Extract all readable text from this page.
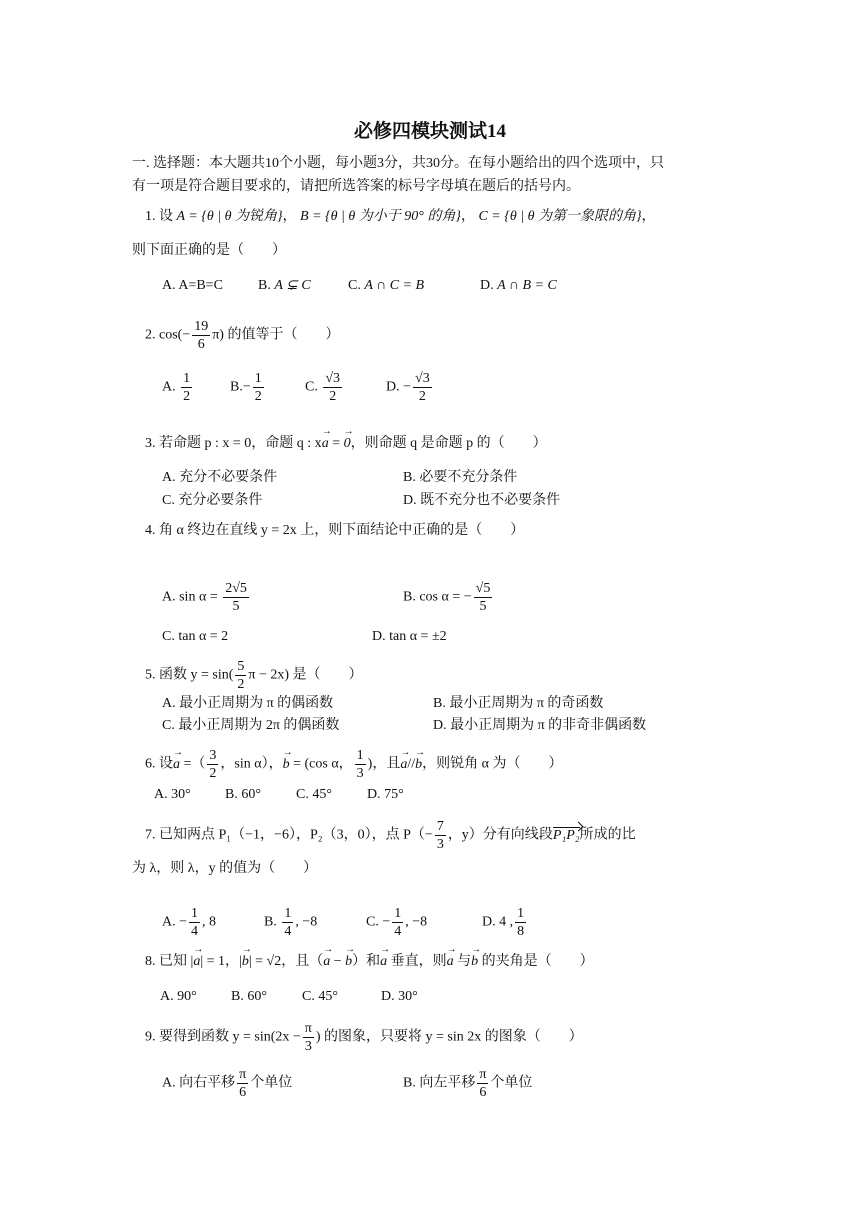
必修四模块测试14
一. 选择题：本大题共10个小题，每小题3分，共30分。在每小题给出的四个选项中，只
有一项是符合题目要求的，请把所选答案的标号字母填在题后的括号内。
1. 设 A = {θ | θ 为锐角}， B = {θ | θ 为小于 90° 的角}， C = {θ | θ 为第一象限的角}，
则下面正确的是（　　）
A. A=B=C	B. A ⊊ C	C. A ∩ C = B	D. A ∩ B = C
2. $\cos(- \frac{19}{6} \pi)$ 的值等于（　　）
A. $\frac{1}{2}$	$B.- \frac{1}{2}$	C. $\frac{√3}{2}$	D. − $\frac{√3}{2}$
3. 若命题 p : x = 0，命题 q : x→ a = → 0，则命题 q 是命题 p 的（　　）
A. 充分不必要条件	B. 必要不充分条件
C. 充分必要条件	D. 既不充分也不必要条件
4. 角 α 终边在直线 y = 2x 上，则下面结论中正确的是（　　）
A. $\sin \alpha = \frac{2√5}{5}$	B. cos α = − $\frac{√5}{5}$
C. tan α = 2	D. tan α = ±2
5. 函数 $y = \sin( \frac{5}{2}$ π − 2x) 是（　　）
A. 最小正周期为 π 的偶函数	B. 最小正周期为 π 的奇函数
C. 最小正周期为 2π 的偶函数	D. 最小正周期为 π 的非奇非偶函数
6. 设→ a =（ $\frac{3}{2}$ ，sin α），→ b = (cos α， $\frac{1}{3}$ )，且→ a//→ b，则锐角 α 为（　　）
A. 30° B. 60°	C. 45°	D. 75°
7. 已知两点 P₁（−1，−6），P₂（3，0），点 $P(- \frac{7}{3}$ ，y）分有向线段P₁P₂所成的比
为 λ，则 λ，y 的值为（　　）
A. − $\frac{1}{4}$ , 8	B. $\frac{1}{4}$ , −8	C. − $\frac{1}{4}$ , −8	D. 4 , $\frac{1}{8}$
8. 已知 |→ a| = 1，|→ b| = √2，且（→ a − → b）和→ a 垂直，则→ a 与→ b 的夹角是（　　）
A. 90° B. 60°	C. 45°	D. 30°
9. 要得到函数 $y = \sin(2x - \frac{\pi}{3}$ ) 的图象，只要将 y = sin 2x 的图象（　　）
A. 向右平移 $\frac{\pi}{6}$ 个单位	B. 向左平移 $\frac{\pi}{6}$ 个单位
